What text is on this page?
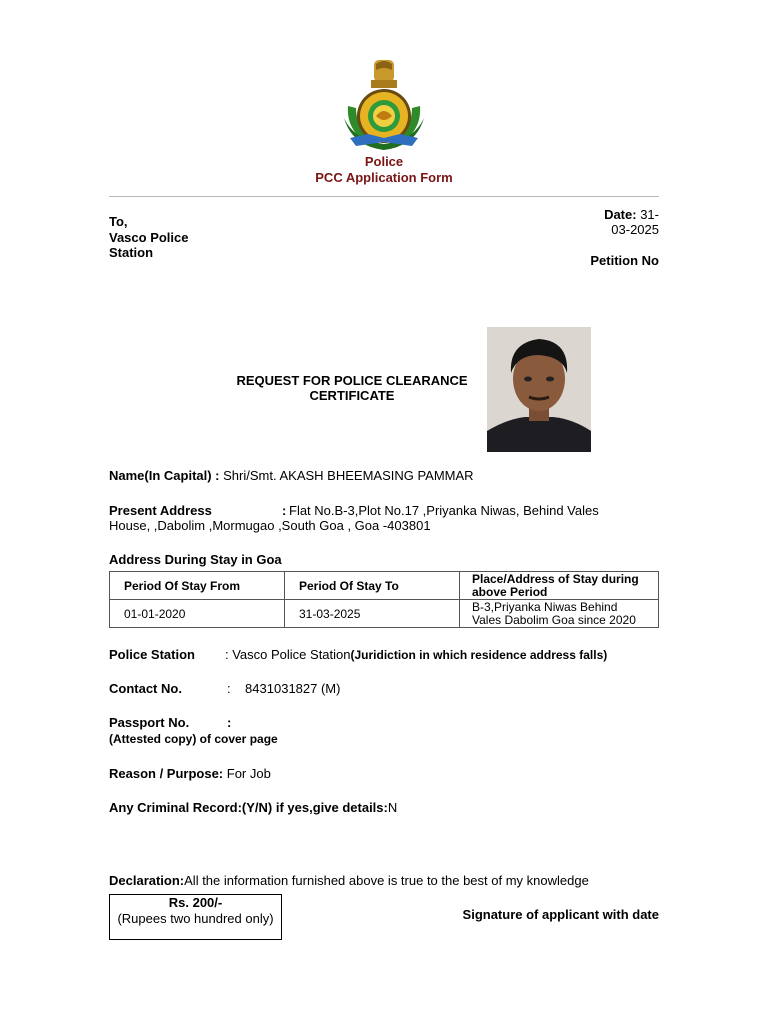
Police
PCC Application Form
To,
Vasco Police
Station
Date: 31-
03-2025
Petition No
REQUEST FOR POLICE CLEARANCE
CERTIFICATE
Name(In Capital) : Shri/Smt. AKASH BHEEMASING PAMMAR
Present Address	: Flat No.B-3,Plot No.17 ,Priyanka Niwas, Behind Vales
House, ,Dabolim ,Mormugao ,South Goa , Goa -403801
Address During Stay in Goa
Period Of Stay From	Period Of Stay To	Place/Address of Stay during above Period
01-01-2020	31-03-2025	B-3,Priyanka Niwas Behind Vales Dabolim Goa since 2020
Police Station : Vasco Police Station(Juridiction in which residence address falls)
Contact No.	:    8431031827 (M)
Passport No.	:
(Attested copy) of cover page
Reason / Purpose: For Job
Any Criminal Record:(Y/N) if yes,give details:N
Declaration:All the information furnished above is true to the best of my knowledge
Rs. 200/-
(Rupees two hundred only)	Signature of applicant with date
